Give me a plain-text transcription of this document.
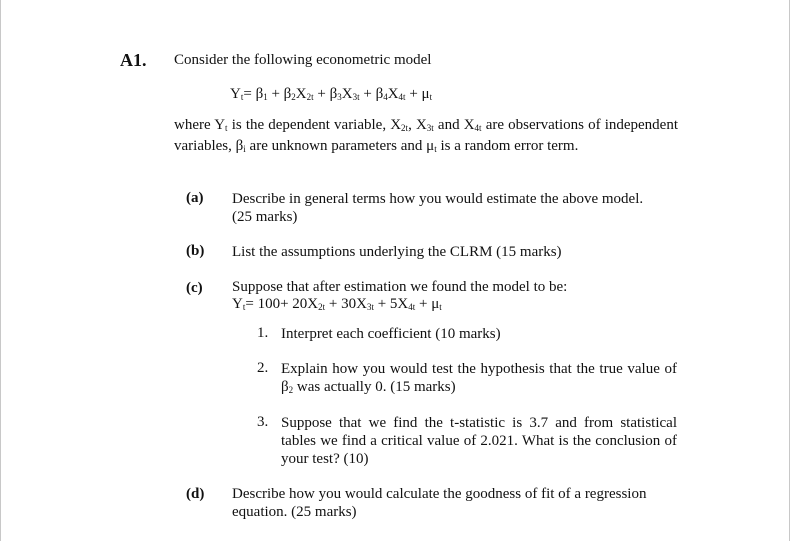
A1. Consider the following econometric model
$Y_t= \beta_1 + \beta_2X_{2t} + \beta_3X_{3t} + \beta_4X_{4t} + \mu_t$
where $Y_t$ is the dependent variable, $X_{2t}$, $X_{3t}$ and $X_{4t}$ are observations of independent variables, $\beta_i$ are unknown parameters and $\mu_t$ is a random error term.
(a) Describe in general terms how you would estimate the above model.
(25 marks)
(b) List the assumptions underlying the CLRM (15 marks)
(c) Suppose that after estimation we found the model to be:
$Y_t= 100+ 20X_{2t} + 30X_{3t} + 5X_{4t} + \mu_t$
1. Interpret each coefficient (10 marks)
2. Explain how you would test the hypothesis that the true value of $\beta_2$ was actually 0. (15 marks)
3. Suppose that we find the t-statistic is 3.7 and from statistical tables we find a critical value of 2.021. What is the conclusion of your test? (10)
(d) Describe how you would calculate the goodness of fit of a regression
equation. (25 marks)
